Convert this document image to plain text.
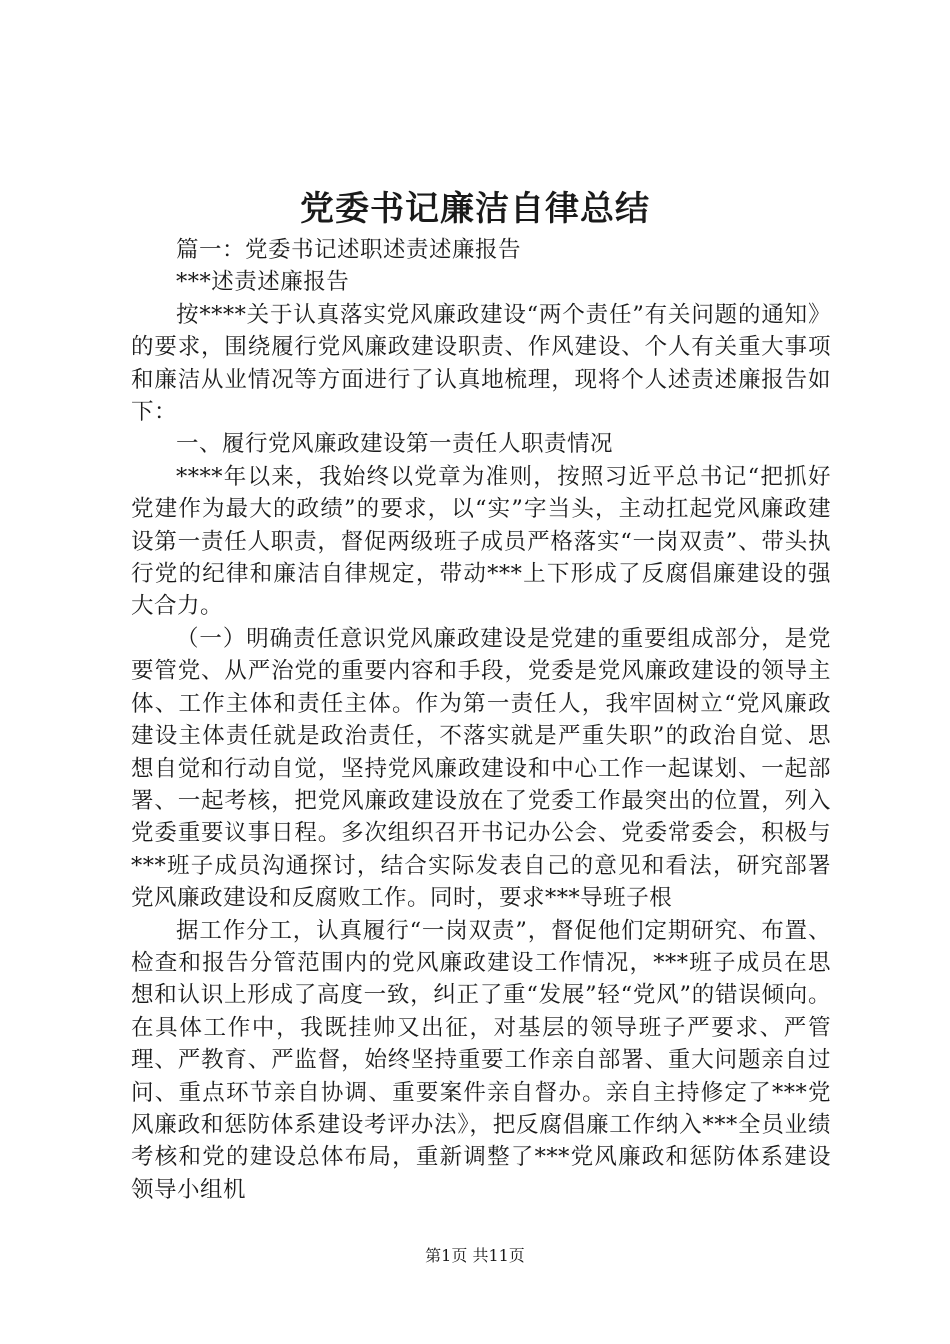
党委书记廉洁自律总结

篇一：党委书记述职述责述廉报告

***述责述廉报告

按****关于认真落实党风廉政建设“两个责任”有关问题的通知》的要求，围绕履行党风廉政建设职责、作风建设、个人有关重大事项和廉洁从业情况等方面进行了认真地梳理，现将个人述责述廉报告如下：

一、履行党风廉政建设第一责任人职责情况

****年以来，我始终以党章为准则，按照习近平总书记“把抓好党建作为最大的政绩”的要求，以“实”字当头，主动扛起党风廉政建设第一责任人职责，督促两级班子成员严格落实“一岗双责”、带头执行党的纪律和廉洁自律规定，带动***上下形成了反腐倡廉建设的强大合力。

（一）明确责任意识党风廉政建设是党建的重要组成部分，是党要管党、从严治党的重要内容和手段，党委是党风廉政建设的领导主体、工作主体和责任主体。作为第一责任人，我牢固树立“党风廉政建设主体责任就是政治责任，不落实就是严重失职”的政治自觉、思想自觉和行动自觉，坚持党风廉政建设和中心工作一起谋划、一起部署、一起考核，把党风廉政建设放在了党委工作最突出的位置，列入党委重要议事日程。多次组织召开书记办公会、党委常委会，积极与***班子成员沟通探讨，结合实际发表自己的意见和看法，研究部署党风廉政建设和反腐败工作。同时，要求***导班子根

据工作分工，认真履行“一岗双责”，督促他们定期研究、布置、检查和报告分管范围内的党风廉政建设工作情况，***班子成员在思想和认识上形成了高度一致，纠正了重“发展”轻“党风”的错误倾向。在具体工作中，我既挂帅又出征，对基层的领导班子严要求、严管理、严教育、严监督，始终坚持重要工作亲自部署、重大问题亲自过问、重点环节亲自协调、重要案件亲自督办。亲自主持修定了***党风廉政和惩防体系建设考评办法》，把反腐倡廉工作纳入***全员业绩考核和党的建设总体布局，重新调整了***党风廉政和惩防体系建设领导小组机

第1页 共11页
